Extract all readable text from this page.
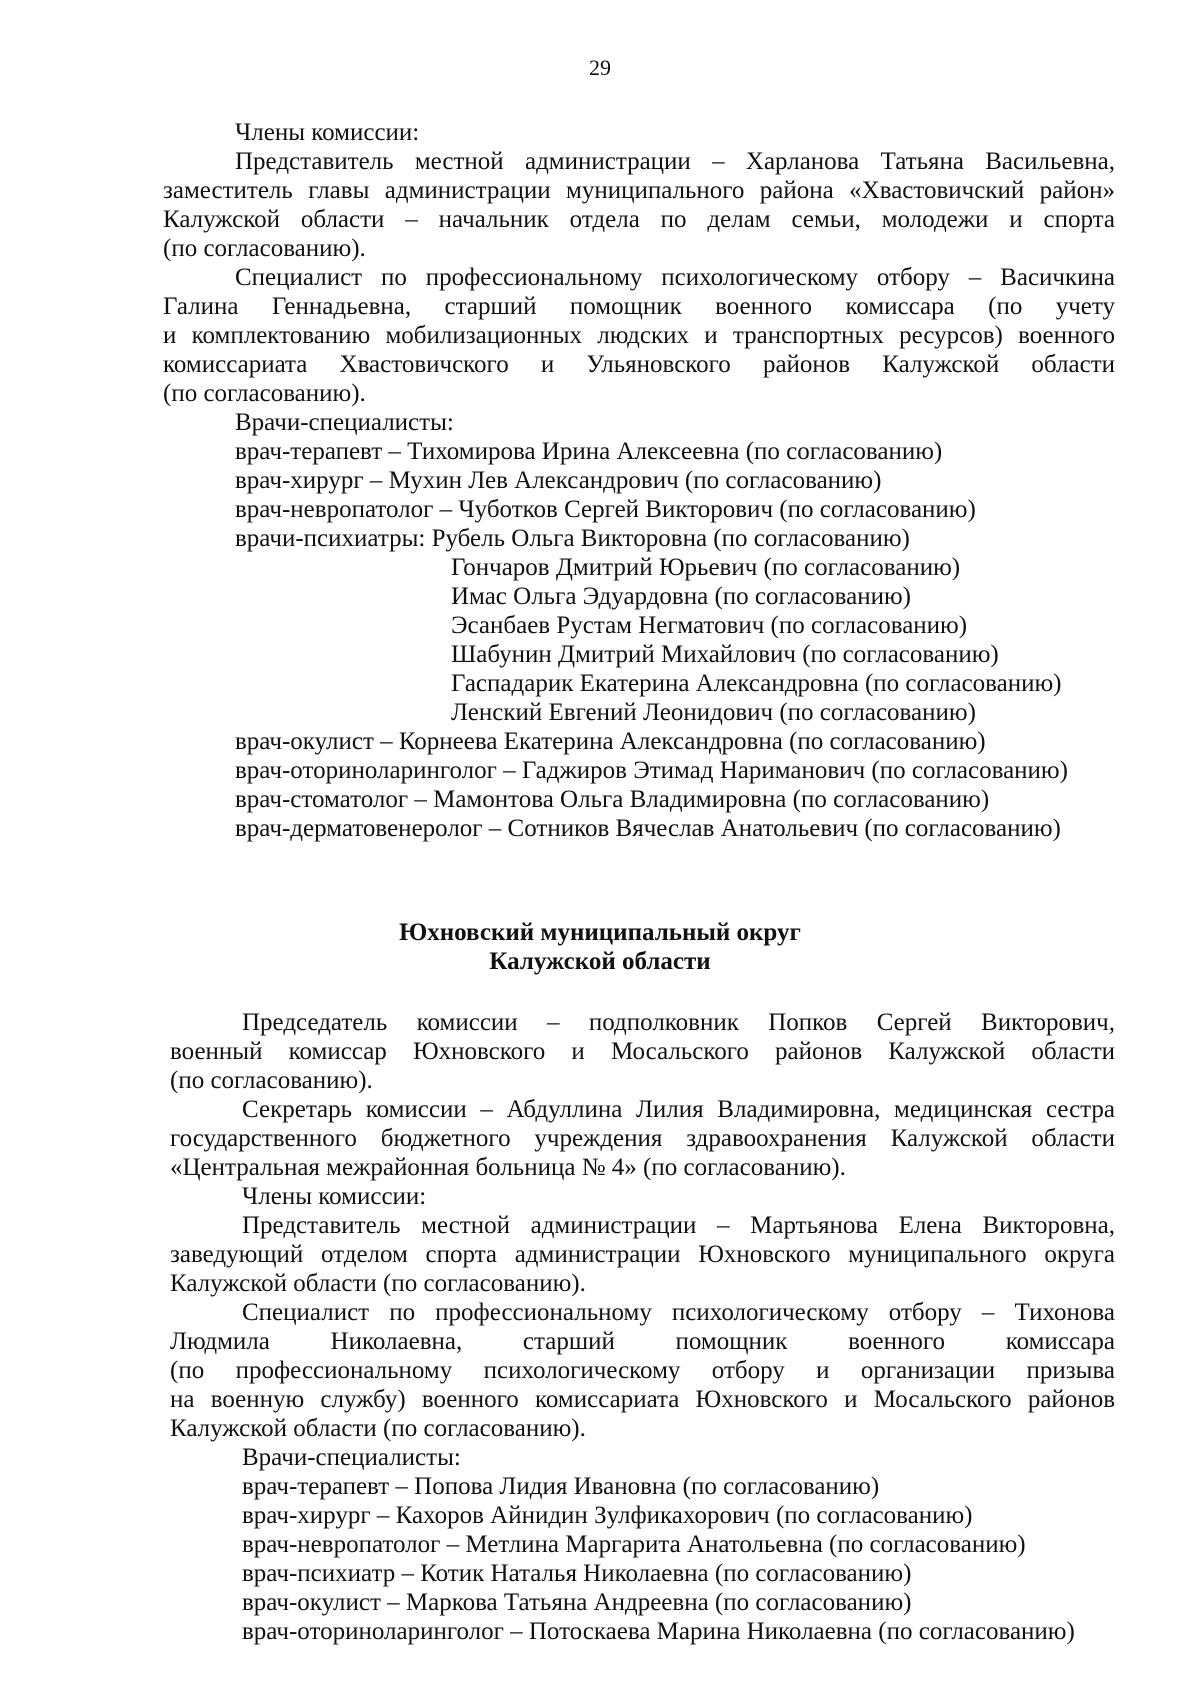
29
Члены комиссии:
Представитель местной администрации – Харланова Татьяна Васильевна,
заместитель главы администрации муниципального района «Хвастовичский район»
Калужской области – начальник отдела по делам семьи, молодежи и спорта
(по согласованию).
Специалист по профессиональному психологическому отбору – Васичкина
Галина Геннадьевна, старший помощник военного комиссара (по учету
и комплектованию мобилизационных людских и транспортных ресурсов) военного
комиссариата Хвастовичского и Ульяновского районов Калужской области
(по согласованию).
Врачи-специалисты:
врач-терапевт – Тихомирова Ирина Алексеевна (по согласованию)
врач-хирург – Мухин Лев Александрович (по согласованию)
врач-невропатолог – Чуботков Сергей Викторович (по согласованию)
врачи-психиатры: Рубель Ольга Викторовна (по согласованию)
Гончаров Дмитрий Юрьевич (по согласованию)
Имас Ольга Эдуардовна (по согласованию)
Эсанбаев Рустам Негматович (по согласованию)
Шабунин Дмитрий Михайлович (по согласованию)
Гаспадарик Екатерина Александровна (по согласованию)
Ленский Евгений Леонидович (по согласованию)
врач-окулист – Корнеева Екатерина Александровна (по согласованию)
врач-оториноларинголог – Гаджиров Этимад Нариманович (по согласованию)
врач-стоматолог – Мамонтова Ольга Владимировна (по согласованию)
врач-дерматовенеролог – Сотников Вячеслав Анатольевич (по согласованию)
Юхновский муниципальный округ
Калужской области
Председатель комиссии – подполковник Попков Сергей Викторович,
военный комиссар Юхновского и Мосальского районов Калужской области
(по согласованию).
Секретарь комиссии – Абдуллина Лилия Владимировна, медицинская сестра
государственного бюджетного учреждения здравоохранения Калужской области
«Центральная межрайонная больница № 4» (по согласованию).
Члены комиссии:
Представитель местной администрации – Мартьянова Елена Викторовна,
заведующий отделом спорта администрации Юхновского муниципального округа
Калужской области (по согласованию).
Специалист по профессиональному психологическому отбору – Тихонова
Людмила Николаевна, старший помощник военного комиссара
(по профессиональному психологическому отбору и организации призыва
на военную службу) военного комиссариата Юхновского и Мосальского районов
Калужской области (по согласованию).
Врачи-специалисты:
врач-терапевт – Попова Лидия Ивановна (по согласованию)
врач-хирург – Кахоров Айнидин Зулфикахорович (по согласованию)
врач-невропатолог – Метлина Маргарита Анатольевна (по согласованию)
врач-психиатр – Котик Наталья Николаевна (по согласованию)
врач-окулист – Маркова Татьяна Андреевна (по согласованию)
врач-оториноларинголог – Потоскаева Марина Николаевна (по согласованию)
